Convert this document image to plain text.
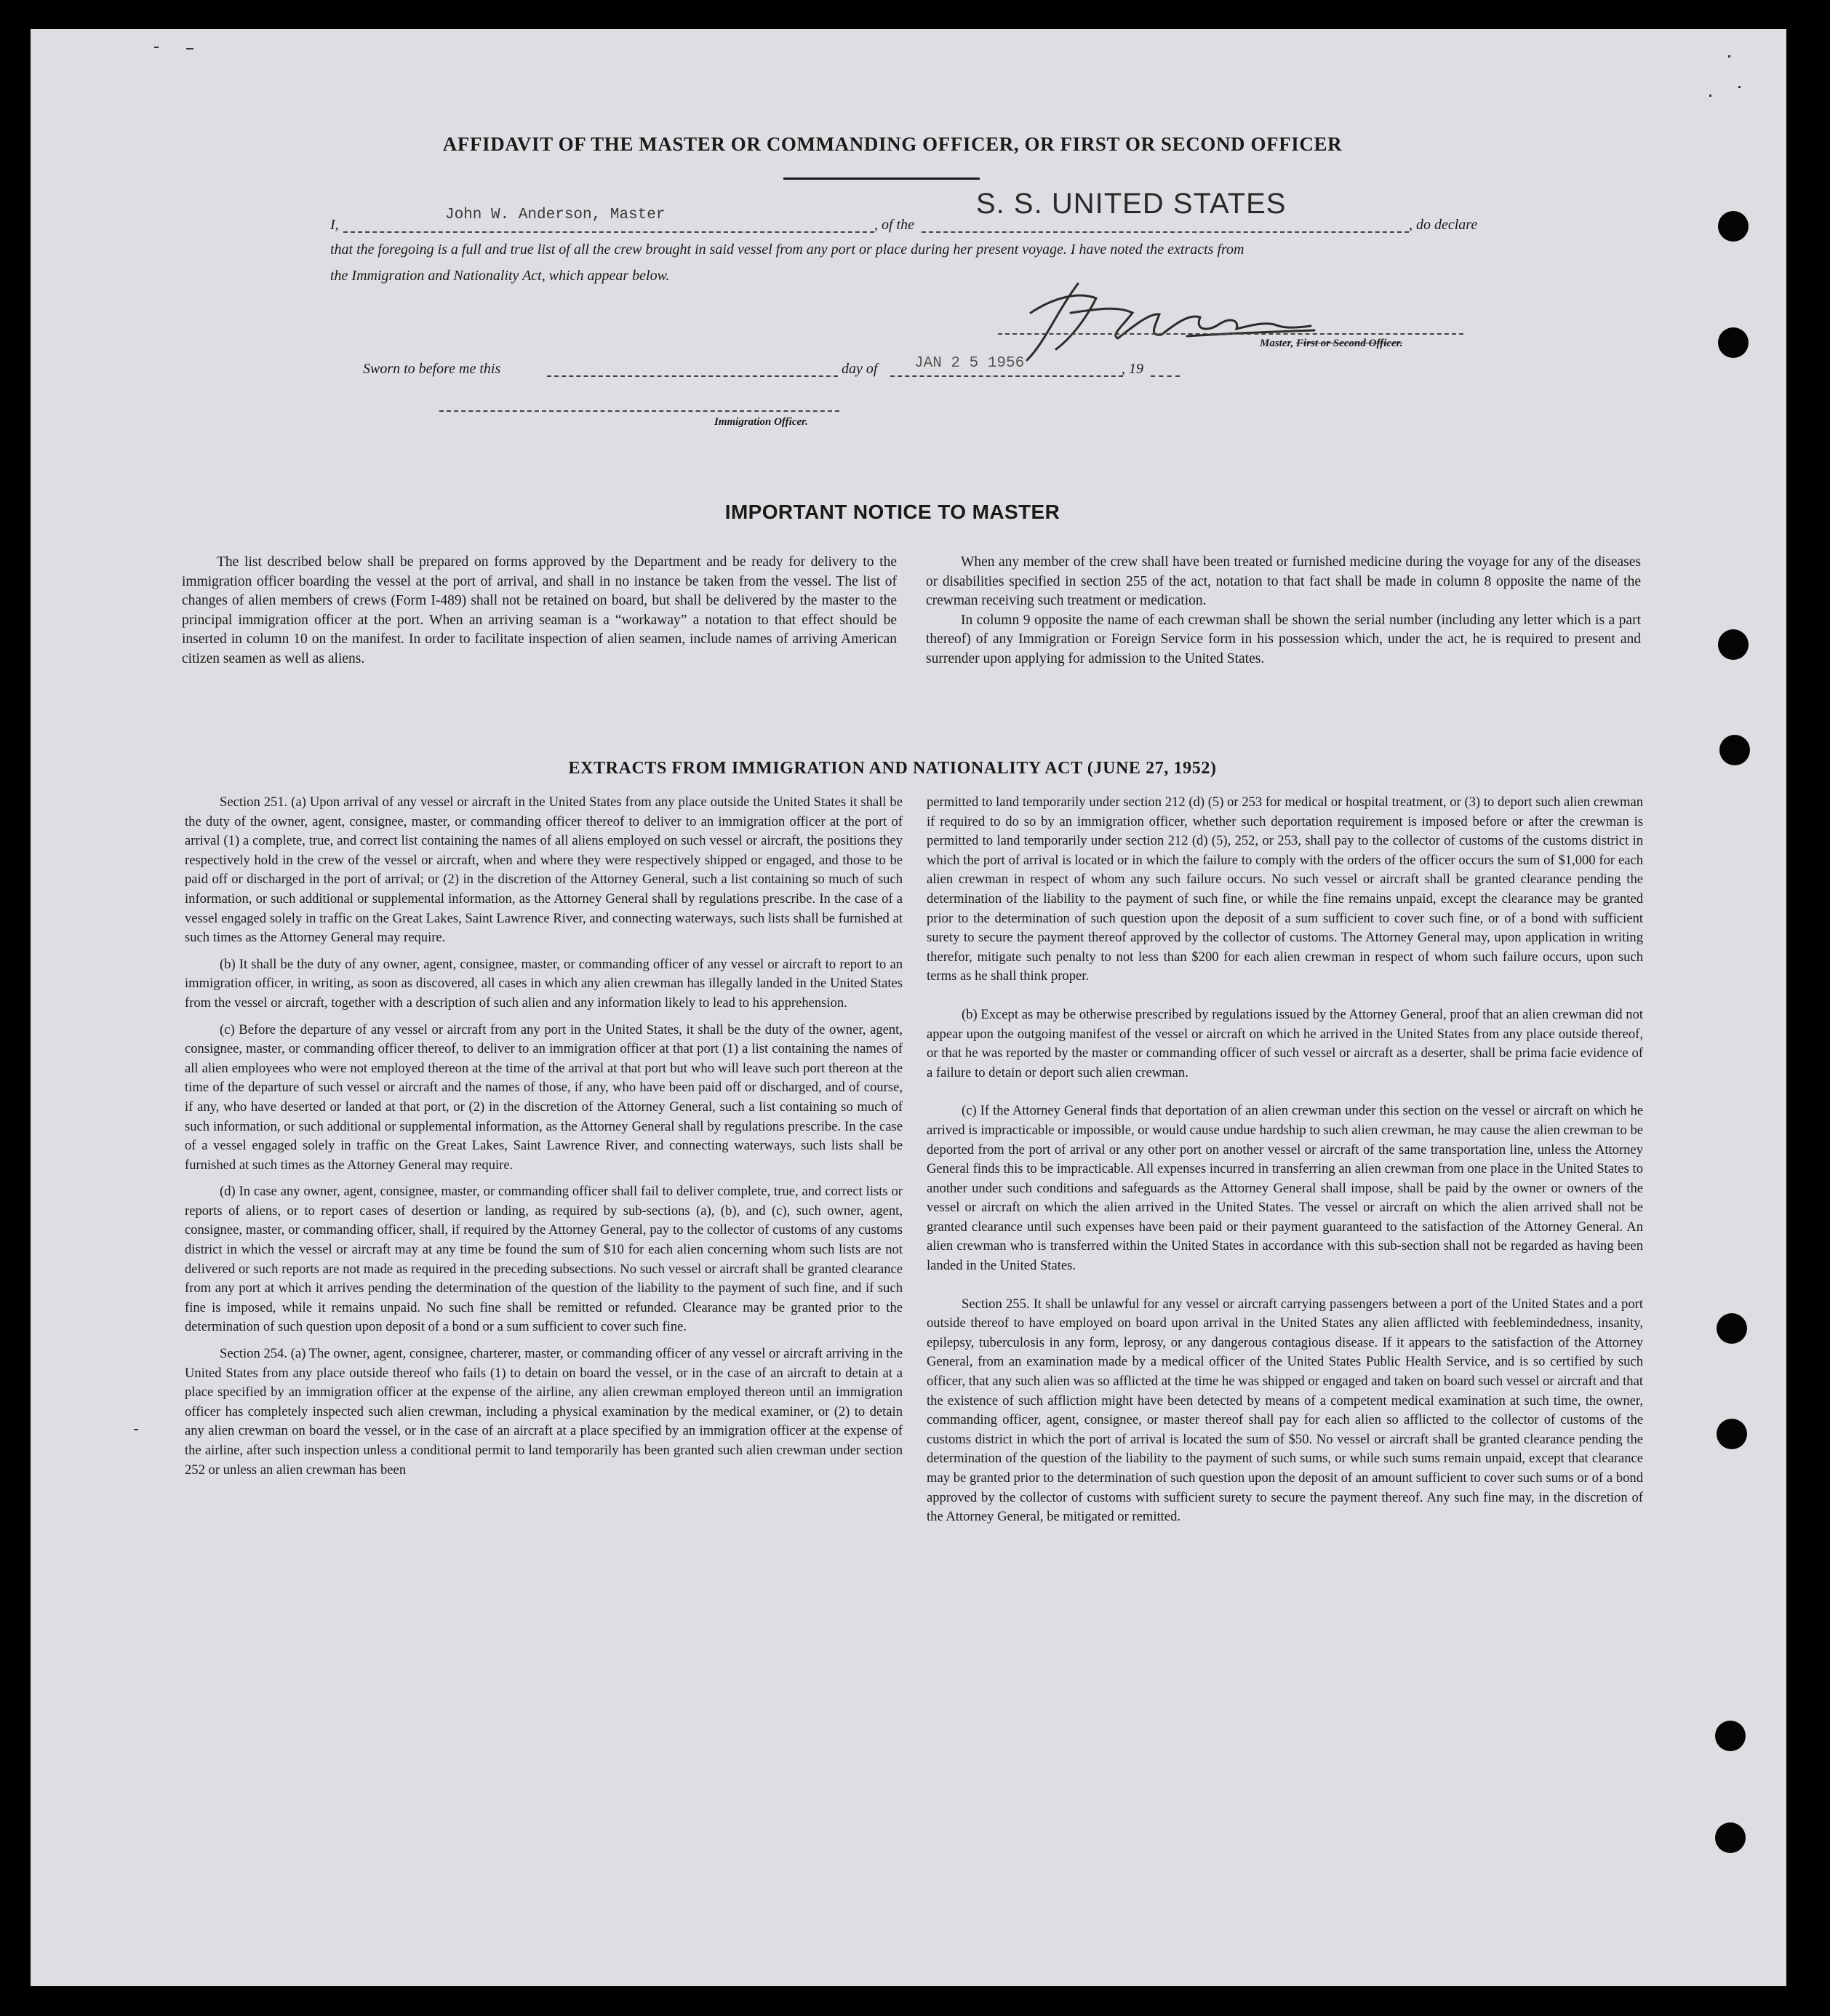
AFFIDAVIT OF THE MASTER OR COMMANDING OFFICER, OR FIRST OR SECOND OFFICER
I,
John W. Anderson, Master
, of the
S. S. UNITED STATES
, do declare
that the foregoing is a full and true list of all the crew brought in said vessel from any port or place during her present voyage. I have noted the extracts from
the Immigration and Nationality Act, which appear below.
Master, First or Second Officer.
Sworn to before me this	day of JAN 2 5 1956	, 19
Immigration Officer.
IMPORTANT NOTICE TO MASTER

The list described below shall be prepared on forms approved by the Department and be ready for delivery to the immigration officer boarding the vessel at the port of arrival, and shall in no instance be taken from the vessel. The list of changes of alien members of crews (Form I-489) shall not be retained on board, but shall be delivered by the master to the principal immigration officer at the port. When an arriving seaman is a “workaway” a notation to that effect should be inserted in column 10 on the manifest. In order to facilitate inspection of alien seamen, include names of arriving American citizen seamen as well as aliens.

When any member of the crew shall have been treated or furnished medicine during the voyage for any of the diseases or disabilities specified in section 255 of the act, notation to that fact shall be made in column 8 opposite the name of the crewman receiving such treatment or medication.

In column 9 opposite the name of each crewman shall be shown the serial number (including any letter which is a part thereof) of any Immigration or Foreign Service form in his possession which, under the act, he is required to present and surrender upon applying for admission to the United States.

EXTRACTS FROM IMMIGRATION AND NATIONALITY ACT (JUNE 27, 1952)

Section 251. (a) Upon arrival of any vessel or aircraft in the United States from any place outside the United States it shall be the duty of the owner, agent, consignee, master, or commanding officer thereof to deliver to an immigration officer at the port of arrival (1) a complete, true, and correct list containing the names of all aliens employed on such vessel or aircraft, the positions they respectively hold in the crew of the vessel or aircraft, when and where they were respectively shipped or engaged, and those to be paid off or discharged in the port of arrival; or (2) in the discretion of the Attorney General, such a list containing so much of such information, or such additional or supplemental information, as the Attorney General shall by regulations prescribe. In the case of a vessel engaged solely in traffic on the Great Lakes, Saint Lawrence River, and connecting waterways, such lists shall be furnished at such times as the Attorney General may require.

(b) It shall be the duty of any owner, agent, consignee, master, or commanding officer of any vessel or aircraft to report to an immigration officer, in writing, as soon as discovered, all cases in which any alien crewman has illegally landed in the United States from the vessel or aircraft, together with a description of such alien and any information likely to lead to his apprehension.

(c) Before the departure of any vessel or aircraft from any port in the United States, it shall be the duty of the owner, agent, consignee, master, or commanding officer thereof, to deliver to an immigration officer at that port (1) a list containing the names of all alien employees who were not employed thereon at the time of the arrival at that port but who will leave such port thereon at the time of the departure of such vessel or aircraft and the names of those, if any, who have been paid off or discharged, and of course, if any, who have deserted or landed at that port, or (2) in the discretion of the Attorney General, such a list containing so much of such information, or such additional or supplemental information, as the Attorney General shall by regulations prescribe. In the case of a vessel engaged solely in traffic on the Great Lakes, Saint Lawrence River, and connecting waterways, such lists shall be furnished at such times as the Attorney General may require.

(d) In case any owner, agent, consignee, master, or commanding officer shall fail to deliver complete, true, and correct lists or reports of aliens, or to report cases of desertion or landing, as required by sub-sections (a), (b), and (c), such owner, agent, consignee, master, or commanding officer, shall, if required by the Attorney General, pay to the collector of customs of any customs district in which the vessel or aircraft may at any time be found the sum of $10 for each alien concerning whom such lists are not delivered or such reports are not made as required in the preceding subsections. No such vessel or aircraft shall be granted clearance from any port at which it arrives pending the determination of the question of the liability to the payment of such fine, and if such fine is imposed, while it remains unpaid. No such fine shall be remitted or refunded. Clearance may be granted prior to the determination of such question upon deposit of a bond or a sum sufficient to cover such fine.

Section 254. (a) The owner, agent, consignee, charterer, master, or commanding officer of any vessel or aircraft arriving in the United States from any place outside thereof who fails (1) to detain on board the vessel, or in the case of an aircraft to detain at a place specified by an immigration officer at the expense of the airline, any alien crewman employed thereon until an immigration officer has completely inspected such alien crewman, including a physical examination by the medical examiner, or (2) to detain any alien crewman on board the vessel, or in the case of an aircraft at a place specified by an immigration officer at the expense of the airline, after such inspection unless a conditional permit to land temporarily has been granted such alien crewman under section 252 or unless an alien crewman has been

permitted to land temporarily under section 212 (d) (5) or 253 for medical or hospital treatment, or (3) to deport such alien crewman if required to do so by an immigration officer, whether such deportation requirement is imposed before or after the crewman is permitted to land temporarily under section 212 (d) (5), 252, or 253, shall pay to the collector of customs of the customs district in which the port of arrival is located or in which the failure to comply with the orders of the officer occurs the sum of $1,000 for each alien crewman in respect of whom any such failure occurs. No such vessel or aircraft shall be granted clearance pending the determination of the liability to the payment of such fine, or while the fine remains unpaid, except the clearance may be granted prior to the determination of such question upon the deposit of a sum sufficient to cover such fine, or of a bond with sufficient surety to secure the payment thereof approved by the collector of customs. The Attorney General may, upon application in writing therefor, mitigate such penalty to not less than $200 for each alien crewman in respect of whom such failure occurs, upon such terms as he shall think proper.

(b) Except as may be otherwise prescribed by regulations issued by the Attorney General, proof that an alien crewman did not appear upon the outgoing manifest of the vessel or aircraft on which he arrived in the United States from any place outside thereof, or that he was reported by the master or commanding officer of such vessel or aircraft as a deserter, shall be prima facie evidence of a failure to detain or deport such alien crewman.

(c) If the Attorney General finds that deportation of an alien crewman under this section on the vessel or aircraft on which he arrived is impracticable or impossible, or would cause undue hardship to such alien crewman, he may cause the alien crewman to be deported from the port of arrival or any other port on another vessel or aircraft of the same transportation line, unless the Attorney General finds this to be impracticable. All expenses incurred in transferring an alien crewman from one place in the United States to another under such conditions and safeguards as the Attorney General shall impose, shall be paid by the owner or owners of the vessel or aircraft on which the alien arrived in the United States. The vessel or aircraft on which the alien arrived shall not be granted clearance until such expenses have been paid or their payment guaranteed to the satisfaction of the Attorney General. An alien crewman who is transferred within the United States in accordance with this sub-section shall not be regarded as having been landed in the United States.

Section 255. It shall be unlawful for any vessel or aircraft carrying passengers between a port of the United States and a port outside thereof to have employed on board upon arrival in the United States any alien afflicted with feeblemindedness, insanity, epilepsy, tuberculosis in any form, leprosy, or any dangerous contagious disease. If it appears to the satisfaction of the Attorney General, from an examination made by a medical officer of the United States Public Health Service, and is so certified by such officer, that any such alien was so afflicted at the time he was shipped or engaged and taken on board such vessel or aircraft and that the existence of such affliction might have been detected by means of a competent medical examination at such time, the owner, commanding officer, agent, consignee, or master thereof shall pay for each alien so afflicted to the collector of customs of the customs district in which the port of arrival is located the sum of $50. No vessel or aircraft shall be granted clearance pending the determination of the question of the liability to the payment of such sums, or while such sums remain unpaid, except that clearance may be granted prior to the determination of such question upon the deposit of an amount sufficient to cover such sums or of a bond approved by the collector of customs with sufficient surety to secure the payment thereof. Any such fine may, in the discretion of the Attorney General, be mitigated or remitted.
